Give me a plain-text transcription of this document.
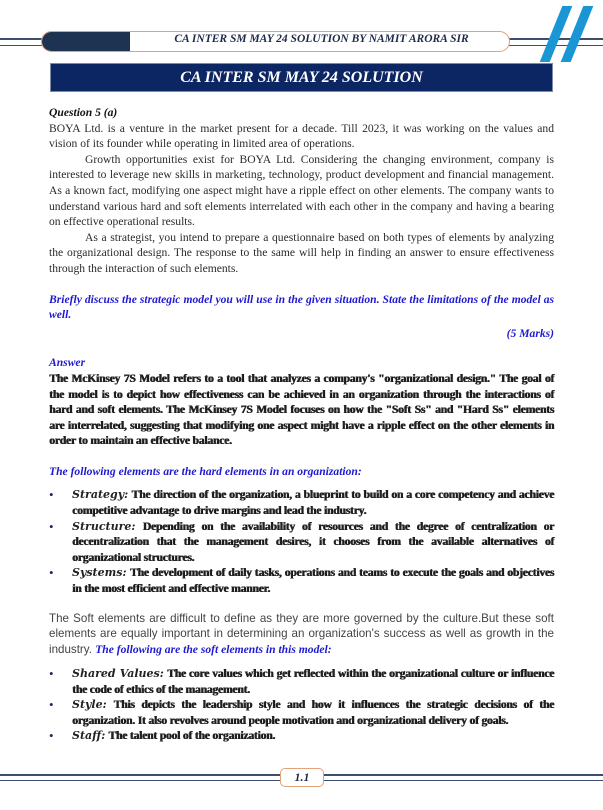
CA INTER SM MAY 24 SOLUTION BY NAMIT ARORA SIR
CA INTER SM MAY 24 SOLUTION
Question 5 (a)

BOYA Ltd. is a venture in the market present for a decade. Till 2023, it was working on the values and vision of its founder while operating in limited area of operations.

Growth opportunities exist for BOYA Ltd. Considering the changing environment, company is interested to leverage new skills in marketing, technology, product development and financial management. As a known fact, modifying one aspect might have a ripple effect on other elements. The company wants to understand various hard and soft elements interrelated with each other in the company and having a bearing on effective operational results.

As a strategist, you intend to prepare a questionnaire based on both types of elements by analyzing the organizational design. The response to the same will help in finding an answer to ensure effectiveness through the interaction of such elements.

Briefly discuss the strategic model you will use in the given situation. State the limitations of the model as well.

(5 Marks)
Answer

The McKinsey 7S Model refers to a tool that analyzes a company's "organizational design." The goal of the model is to depict how effectiveness can be achieved in an organization through the interactions of hard and soft elements. The McKinsey 7S Model focuses on how the "Soft Ss" and "Hard Ss" elements are interrelated, suggesting that modifying one aspect might have a ripple effect on the other elements in order to maintain an effective balance.

The following elements are the hard elements in an organization:
• Strategy: The direction of the organization, a blueprint to build on a core competency and achieve competitive advantage to drive margins and lead the industry.
• Structure: Depending on the availability of resources and the degree of centralization or decentralization that the management desires, it chooses from the available alternatives of organizational structures.
• Systems: The development of daily tasks, operations and teams to execute the goals and objectives in the most efficient and effective manner.

The Soft elements are difficult to define as they are more governed by the culture.But these soft elements are equally important in determining an organization's success as well as growth in the industry. The following are the soft elements in this model:

• Shared Values: The core values which get reflected within the organizational culture or influence the code of ethics of the management.
• Style: This depicts the leadership style and how it influences the strategic decisions of the organization. It also revolves around people motivation and organizational delivery of goals.
• Staff: The talent pool of the organization.
1.1
